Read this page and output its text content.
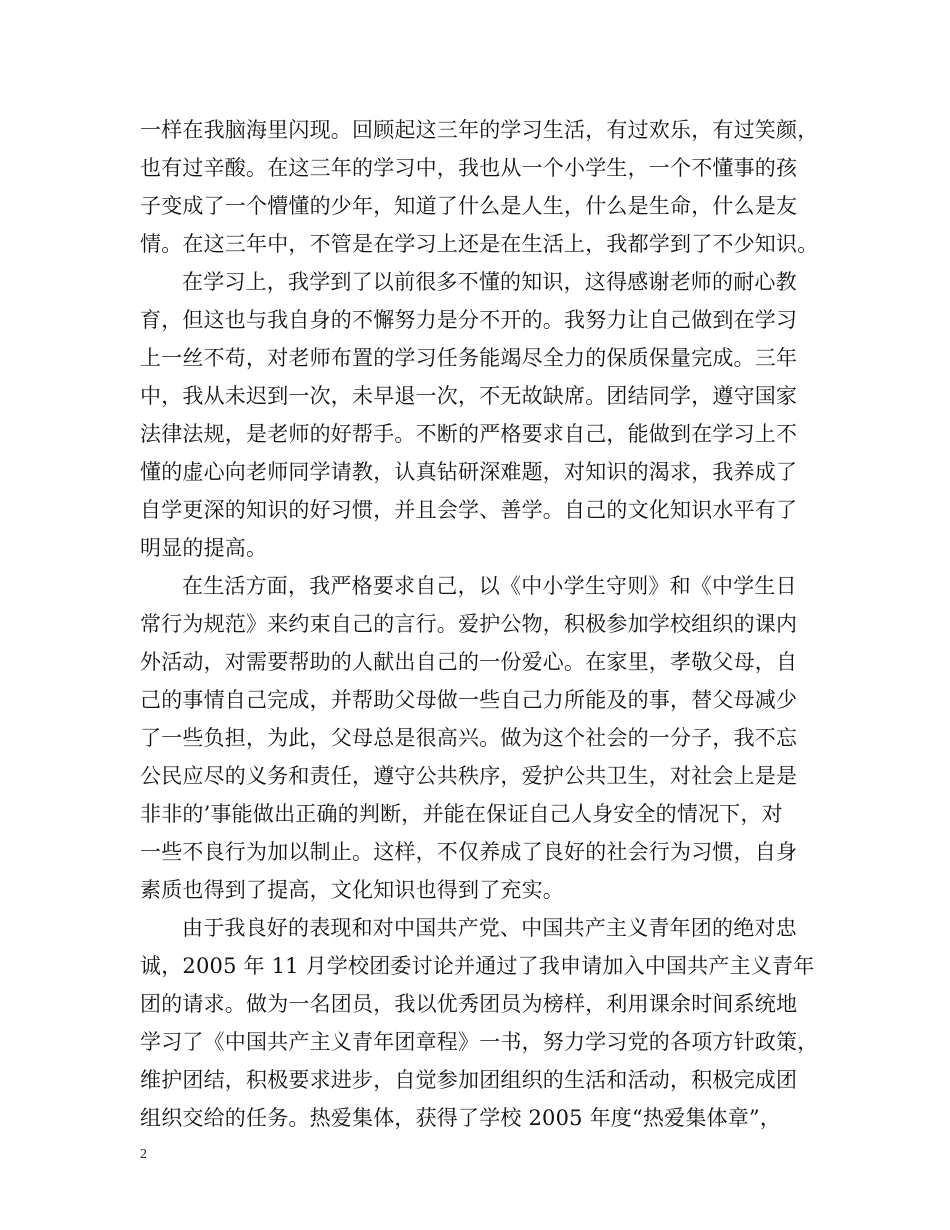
一样在我脑海里闪现。回顾起这三年的学习生活，有过欢乐，有过笑颜，
也有过辛酸。在这三年的学习中，我也从一个小学生，一个不懂事的孩
子变成了一个懵懂的少年，知道了什么是人生，什么是生命，什么是友
情。在这三年中，不管是在学习上还是在生活上，我都学到了不少知识。
在学习上，我学到了以前很多不懂的知识，这得感谢老师的耐心教
育，但这也与我自身的不懈努力是分不开的。我努力让自己做到在学习
上一丝不苟，对老师布置的学习任务能竭尽全力的保质保量完成。三年
中，我从未迟到一次，未早退一次，不无故缺席。团结同学，遵守国家
法律法规，是老师的好帮手。不断的严格要求自己，能做到在学习上不
懂的虚心向老师同学请教，认真钻研深难题，对知识的渴求，我养成了
自学更深的知识的好习惯，并且会学、善学。自己的文化知识水平有了
明显的提高。
在生活方面，我严格要求自己，以《中小学生守则》和《中学生日
常行为规范》来约束自己的言行。爱护公物，积极参加学校组织的课内
外活动，对需要帮助的人献出自己的一份爱心。在家里，孝敬父母，自
己的事情自己完成，并帮助父母做一些自己力所能及的事，替父母减少
了一些负担，为此，父母总是很高兴。做为这个社会的一分子，我不忘
公民应尽的义务和责任，遵守公共秩序，爱护公共卫生，对社会上是是
非非的’事能做出正确的判断，并能在保证自己人身安全的情况下，对
一些不良行为加以制止。这样，不仅养成了良好的社会行为习惯，自身
素质也得到了提高，文化知识也得到了充实。
由于我良好的表现和对中国共产党、中国共产主义青年团的绝对忠
诚，2005 年 11 月学校团委讨论并通过了我申请加入中国共产主义青年
团的请求。做为一名团员，我以优秀团员为榜样，利用课余时间系统地
学习了《中国共产主义青年团章程》一书，努力学习党的各项方针政策，
维护团结，积极要求进步，自觉参加团组织的生活和活动，积极完成团
组织交给的任务。热爱集体，获得了学校 2005 年度“热爱集体章”，
2
